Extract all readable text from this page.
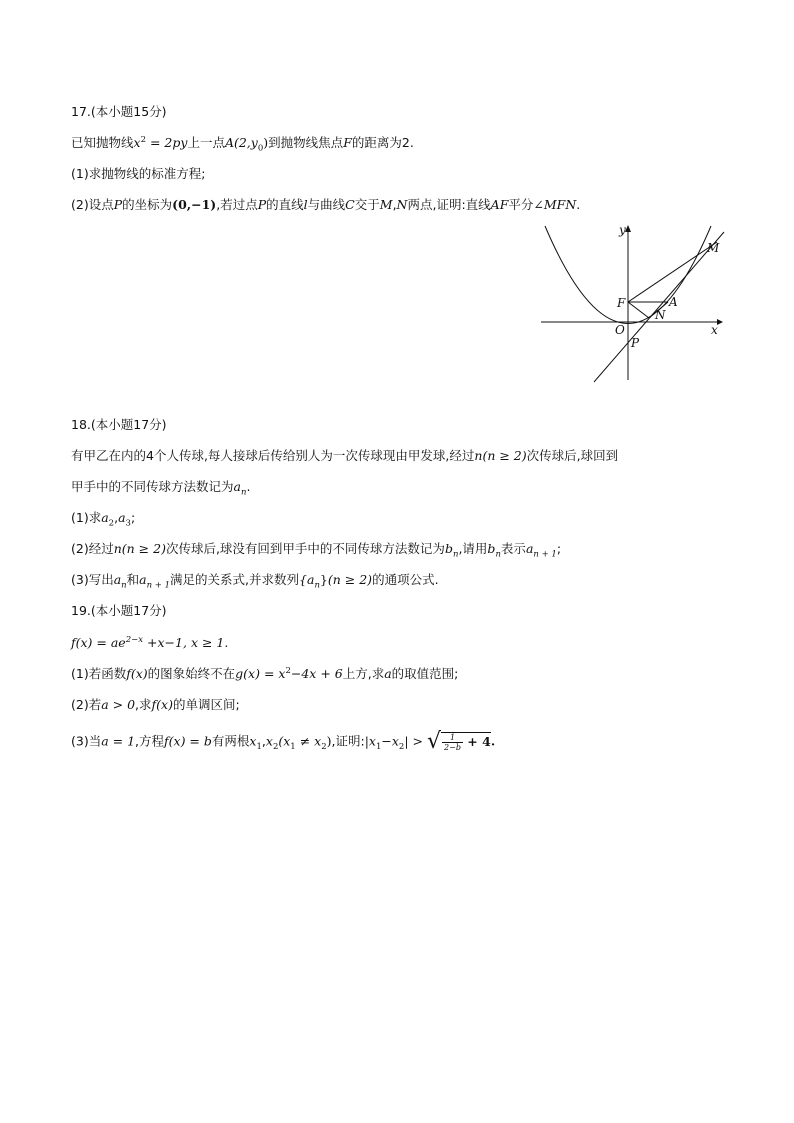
17.(本小题15分)
已知抛物线$x^2 = 2py$上一点$A(2,y_0)$到抛物线焦点F的距离为2.
(1)求抛物线的标准方程;
(2)设点P的坐标为(0,−1),若过点P的直线l与曲线C交于M,N两点,证明:直线AF平分∠MFN.
y
x
O
F	A
N
M
P
18.(本小题17分)
有甲乙在内的4个人传球,每人接球后传给别人为一次传球现由甲发球,经过n(n ≥ 2)次传球后,球回到
甲手中的不同传球方法数记为$a_n$.
(1)求$a_2,a_3$;
(2)经过n(n ≥ 2)次传球后,球没有回到甲手中的不同传球方法数记为$b_n$,请用$b_n$表示$a_{n + 1}$;
(3)写出$a_n$和$a_{n + 1}$满足的关系式,并求数列$\{a_n\}(n \ge 2)$的通项公式.
19.(本小题17分)
$f(x) = ae^{2-x} +x-1$, x ≥ 1.
(1)若函数f(x)的图象始终不在$g(x) = x^2-4x + 6$上方,求a的取值范围;
(2)若a > 0,求f(x)的单调区间;
(3)当a = 1,方程f(x) = b有两根$x_1,x_2(x_1 \ne x_2)$,证明$:|x_1-x_2|$ > √ $\frac{1}{2-b} + 4$.
